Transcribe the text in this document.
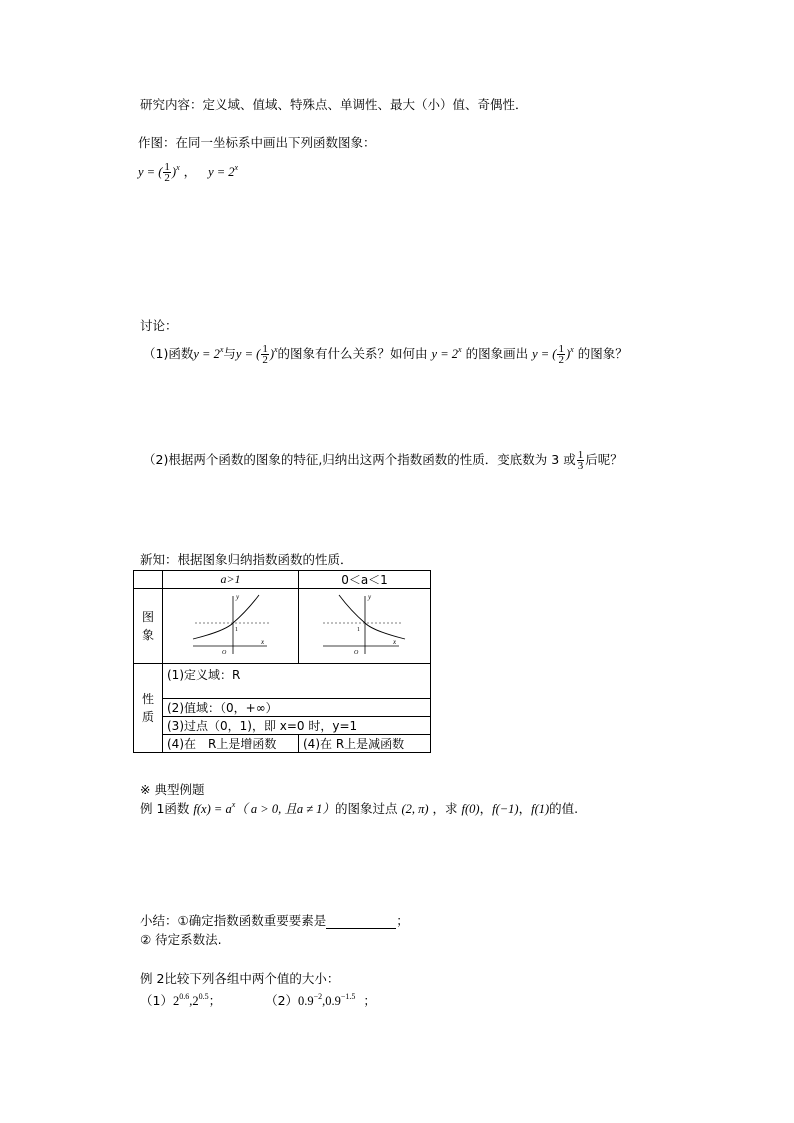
研究内容：定义域、值域、特殊点、单调性、最大（小）值、奇偶性．
作图：在同一坐标系中画出下列函数图象：
y = ( $\frac{1}{2} )^x$ ， $y = 2^x$
讨论：
（1)函数$y = 2^x$与y = ( $\frac{1}{2} )^x$的图象有什么关系？如何由 $y = 2^x$ 的图象画出 y = ( $\frac{1}{2} )^x$ 的图象？
（2)根据两个函数的图象的特征,归纳出这两个指数函数的性质．变底数为 3 或 $\frac{1}{3}$ 后呢？
新知：根据图象归纳指数函数的性质．
	a>1	0＜a＜1
图象	y
x
O
1	y
x
O
1

性质	(1)定义域：R	
	(2)值域：（0，+∞）	
	(3)过点（0，1)，即 x=0 时，y=1	
	(4)在　R上是增函数	(4)在 R上是减函数
※ 典型例题
例 1函数 $f(x) = a^x$（ a > 0, 且a ≠ 1）的图象过点 (2, π) ，求 f(0)，f(−1)，f(1)的值.
小结：①确定指数函数重要要素是	；
② 待定系数法.
例 2比较下列各组中两个值的大小：
$(1)2^{0.6},2^{0.5}$；	$(2)0.9^{-2},0.9^{-1.5}$ ；
